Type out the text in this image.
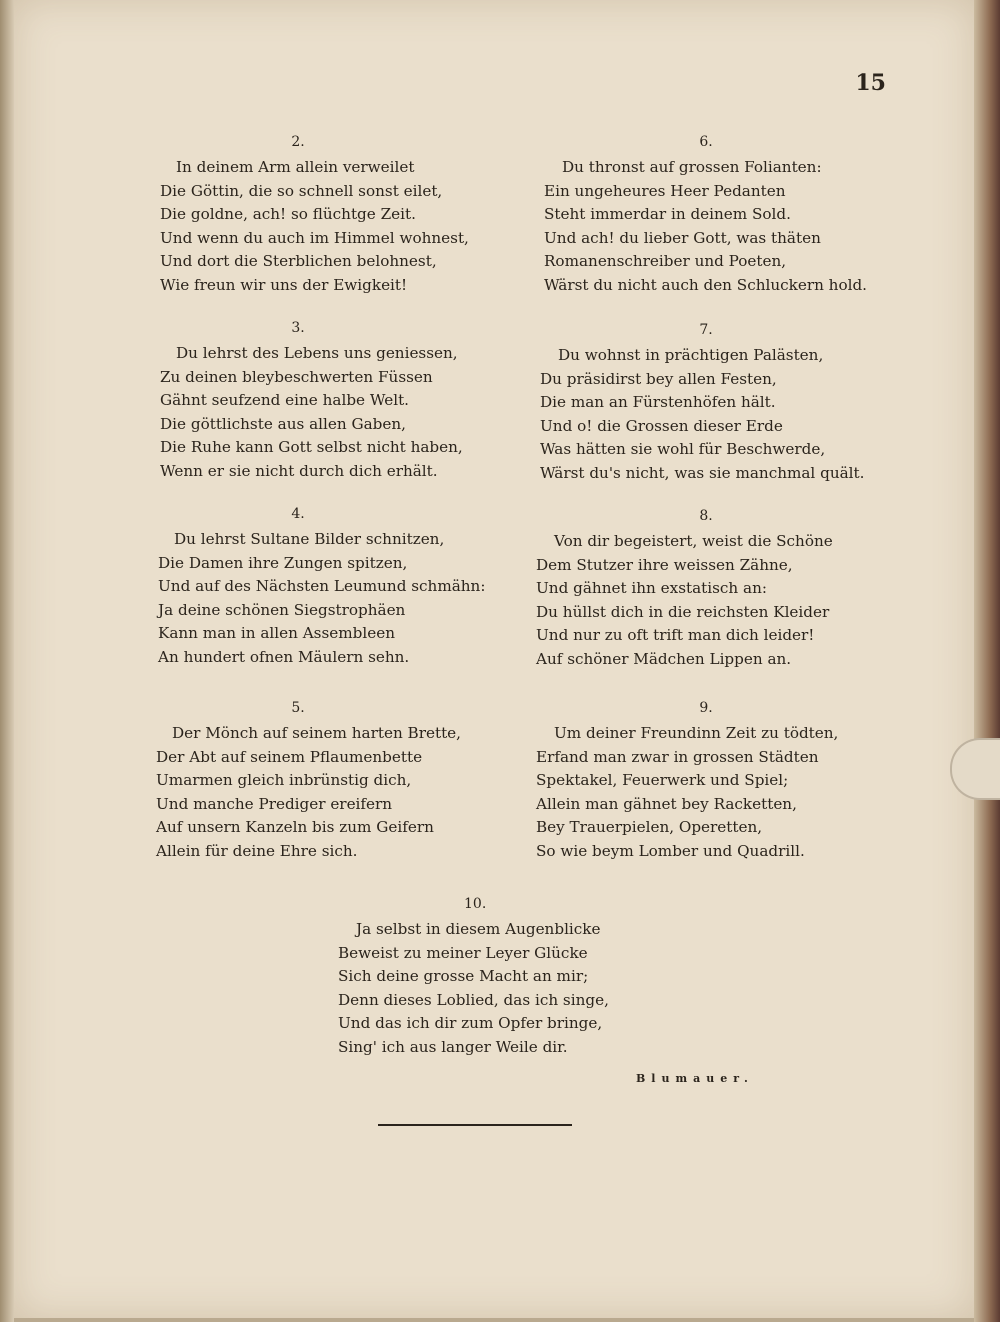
15
2.
In deinem Arm allein verweilet
Die Göttin, die so schnell sonst eilet,
Die goldne, ach! so flüchtge Zeit.
Und wenn du auch im Himmel wohnest,
Und dort die Sterblichen belohnest,
Wie freun wir uns der Ewigkeit!
3.
Du lehrst des Lebens uns geniessen,
Zu deinen bleybeschwerten Füssen
Gähnt seufzend eine halbe Welt.
Die göttlichste aus allen Gaben,
Die Ruhe kann Gott selbst nicht haben,
Wenn er sie nicht durch dich erhält.
4.
Du lehrst Sultane Bilder schnitzen,
Die Damen ihre Zungen spitzen,
Und auf des Nächsten Leumund schmähn:
Ja deine schönen Siegstrophäen
Kann man in allen Assembleen
An hundert ofnen Mäulern sehn.
5.
Der Mönch auf seinem harten Brette,
Der Abt auf seinem Pflaumenbette
Umarmen gleich inbrünstig dich,
Und manche Prediger ereifern
Auf unsern Kanzeln bis zum Geifern
Allein für deine Ehre sich.
6.
Du thronst auf grossen Folianten:
Ein ungeheures Heer Pedanten
Steht immerdar in deinem Sold.
Und ach! du lieber Gott, was thäten
Romanenschreiber und Poeten,
Wärst du nicht auch den Schluckern hold.
7.
Du wohnst in prächtigen Palästen,
Du präsidirst bey allen Festen,
Die man an Fürstenhöfen hält.
Und o! die Grossen dieser Erde
Was hätten sie wohl für Beschwerde,
Wärst du's nicht, was sie manchmal quält.
8.
Von dir begeistert, weist die Schöne
Dem Stutzer ihre weissen Zähne,
Und gähnet ihn exstatisch an:
Du hüllst dich in die reichsten Kleider
Und nur zu oft trift man dich leider!
Auf schöner Mädchen Lippen an.
9.
Um deiner Freundinn Zeit zu tödten,
Erfand man zwar in grossen Städten
Spektakel, Feuerwerk und Spiel;
Allein man gähnet bey Racketten,
Bey Trauerpielen, Operetten,
So wie beym Lomber und Quadrill.
10.
Ja selbst in diesem Augenblicke
Beweist zu meiner Leyer Glücke
Sich deine grosse Macht an mir;
Denn dieses Loblied, das ich singe,
Und das ich dir zum Opfer bringe,
Sing' ich aus langer Weile dir.
Blumauer.
